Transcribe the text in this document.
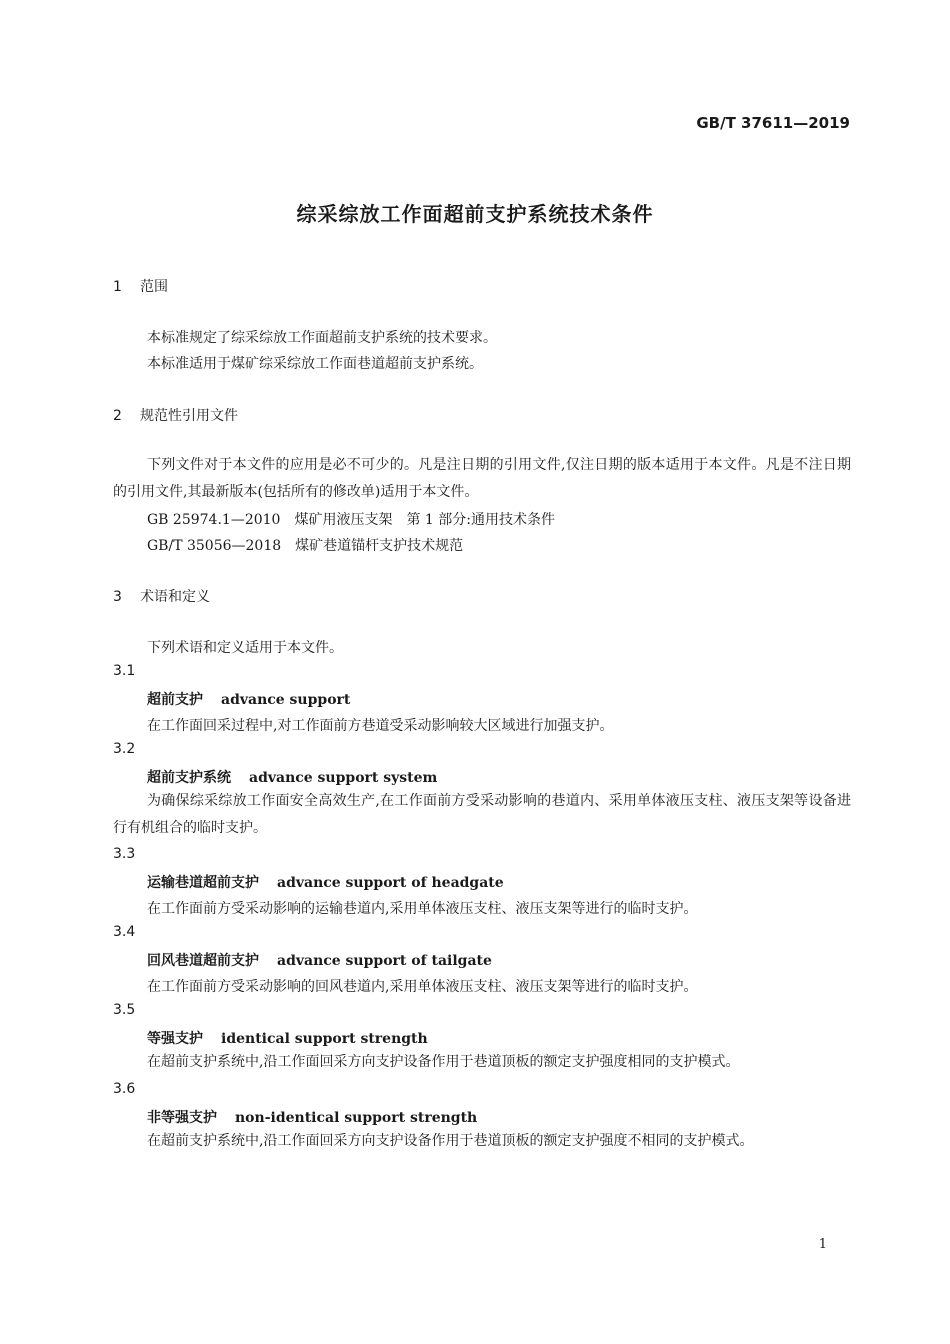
GB/T 37611—2019
综采综放工作面超前支护系统技术条件
1 范围
本标准规定了综采综放工作面超前支护系统的技术要求。
本标准适用于煤矿综采综放工作面巷道超前支护系统。
2 规范性引用文件
下列文件对于本文件的应用是必不可少的。凡是注日期的引用文件,仅注日期的版本适用于本文件。凡是不注日期的引用文件,其最新版本(包括所有的修改单)适用于本文件。
GB 25974.1—2010　煤矿用液压支架　第 1 部分:通用技术条件
GB/T 35056—2018　煤矿巷道锚杆支护技术规范
3 术语和定义
下列术语和定义适用于本文件。
3.1
超前支护 advance support
在工作面回采过程中,对工作面前方巷道受采动影响较大区域进行加强支护。
3.2
超前支护系统 advance support system
为确保综采综放工作面安全高效生产,在工作面前方受采动影响的巷道内、采用单体液压支柱、液压支架等设备进行有机组合的临时支护。
3.3
运输巷道超前支护 advance support of headgate
在工作面前方受采动影响的运输巷道内,采用单体液压支柱、液压支架等进行的临时支护。
3.4
回风巷道超前支护 advance support of tailgate
在工作面前方受采动影响的回风巷道内,采用单体液压支柱、液压支架等进行的临时支护。
3.5
等强支护 identical support strength
在超前支护系统中,沿工作面回采方向支护设备作用于巷道顶板的额定支护强度相同的支护模式。
3.6
非等强支护 non-identical support strength
在超前支护系统中,沿工作面回采方向支护设备作用于巷道顶板的额定支护强度不相同的支护模式。
1
